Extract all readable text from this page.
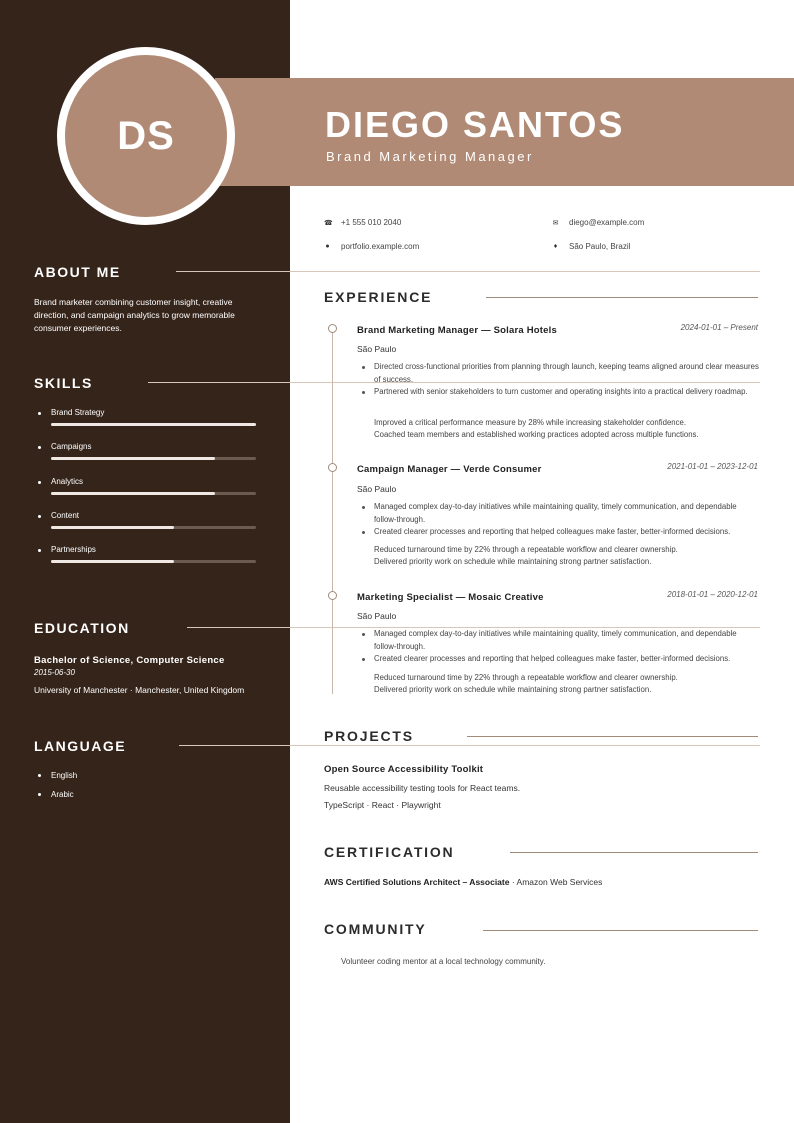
DS	DIEGO SANTOS
Brand Marketing Manager
ABOUT ME
Brand marketer combining customer insight, creative direction, and campaign analytics to grow memorable consumer experiences.
SKILLS
Brand Strategy
Campaigns
Analytics
Content
Partnerships
EDUCATION
Bachelor of Science, Computer Science
2015-06-30
University of Manchester · Manchester, United Kingdom
LANGUAGE
English
Arabic
☎ +1 555 010 2040	✉ diego@example.com
● portfolio.example.com	♦ São Paulo, Brazil
EXPERIENCE
Brand Marketing Manager — Solara Hotels	2024-01-01 – Present
São Paulo
Directed cross-functional priorities from planning through launch, keeping teams aligned around clear measures of success.
Partnered with senior stakeholders to turn customer and operating insights into a practical delivery roadmap.
Improved a critical performance measure by 28% while increasing stakeholder confidence.
Coached team members and established working practices adopted across multiple functions.
Campaign Manager — Verde Consumer	2021-01-01 – 2023-12-01
São Paulo
Managed complex day-to-day initiatives while maintaining quality, timely communication, and dependable follow-through.
Created clearer processes and reporting that helped colleagues make faster, better-informed decisions.
Reduced turnaround time by 22% through a repeatable workflow and clearer ownership.
Delivered priority work on schedule while maintaining strong partner satisfaction.
Marketing Specialist — Mosaic Creative	2018-01-01 – 2020-12-01
São Paulo
Managed complex day-to-day initiatives while maintaining quality, timely communication, and dependable follow-through.
Created clearer processes and reporting that helped colleagues make faster, better-informed decisions.
Reduced turnaround time by 22% through a repeatable workflow and clearer ownership.
Delivered priority work on schedule while maintaining strong partner satisfaction.
PROJECTS
Open Source Accessibility Toolkit
Reusable accessibility testing tools for React teams.
TypeScript · React · Playwright
CERTIFICATION
AWS Certified Solutions Architect – Associate · Amazon Web Services
COMMUNITY
Volunteer coding mentor at a local technology community.
